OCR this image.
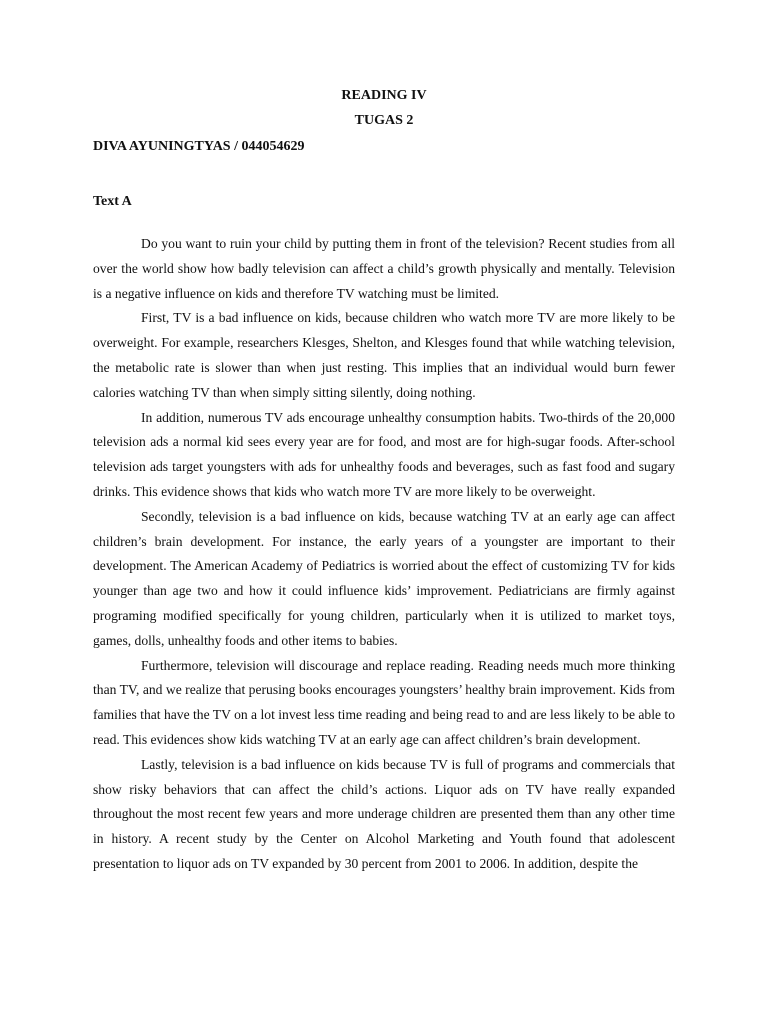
READING IV
TUGAS 2
DIVA AYUNINGTYAS / 044054629
Text A

Do you want to ruin your child by putting them in front of the television? Recent studies from all over the world show how badly television can affect a child’s growth physically and mentally. Television is a negative influence on kids and therefore TV watching must be limited.

First, TV is a bad influence on kids, because children who watch more TV are more likely to be overweight. For example, researchers Klesges, Shelton, and Klesges found that while watching television, the metabolic rate is slower than when just resting. This implies that an individual would burn fewer calories watching TV than when simply sitting silently, doing nothing.

In addition, numerous TV ads encourage unhealthy consumption habits. Two-thirds of the 20,000 television ads a normal kid sees every year are for food, and most are for high-sugar foods. After-school television ads target youngsters with ads for unhealthy foods and beverages, such as fast food and sugary drinks. This evidence shows that kids who watch more TV are more likely to be overweight.

Secondly, television is a bad influence on kids, because watching TV at an early age can affect children’s brain development. For instance, the early years of a youngster are important to their development. The American Academy of Pediatrics is worried about the effect of customizing TV for kids younger than age two and how it could influence kids’ improvement. Pediatricians are firmly against programing modified specifically for young children, particularly when it is utilized to market toys, games, dolls, unhealthy foods and other items to babies.

Furthermore, television will discourage and replace reading. Reading needs much more thinking than TV, and we realize that perusing books encourages youngsters’ healthy brain improvement. Kids from families that have the TV on a lot invest less time reading and being read to and are less likely to be able to read. This evidences show kids watching TV at an early age can affect children’s brain development.

Lastly, television is a bad influence on kids because TV is full of programs and commercials that show risky behaviors that can affect the child’s actions. Liquor ads on TV have really expanded throughout the most recent few years and more underage children are presented them than any other time in history. A recent study by the Center on Alcohol Marketing and Youth found that adolescent presentation to liquor ads on TV expanded by 30 percent from 2001 to 2006. In addition, despite the
